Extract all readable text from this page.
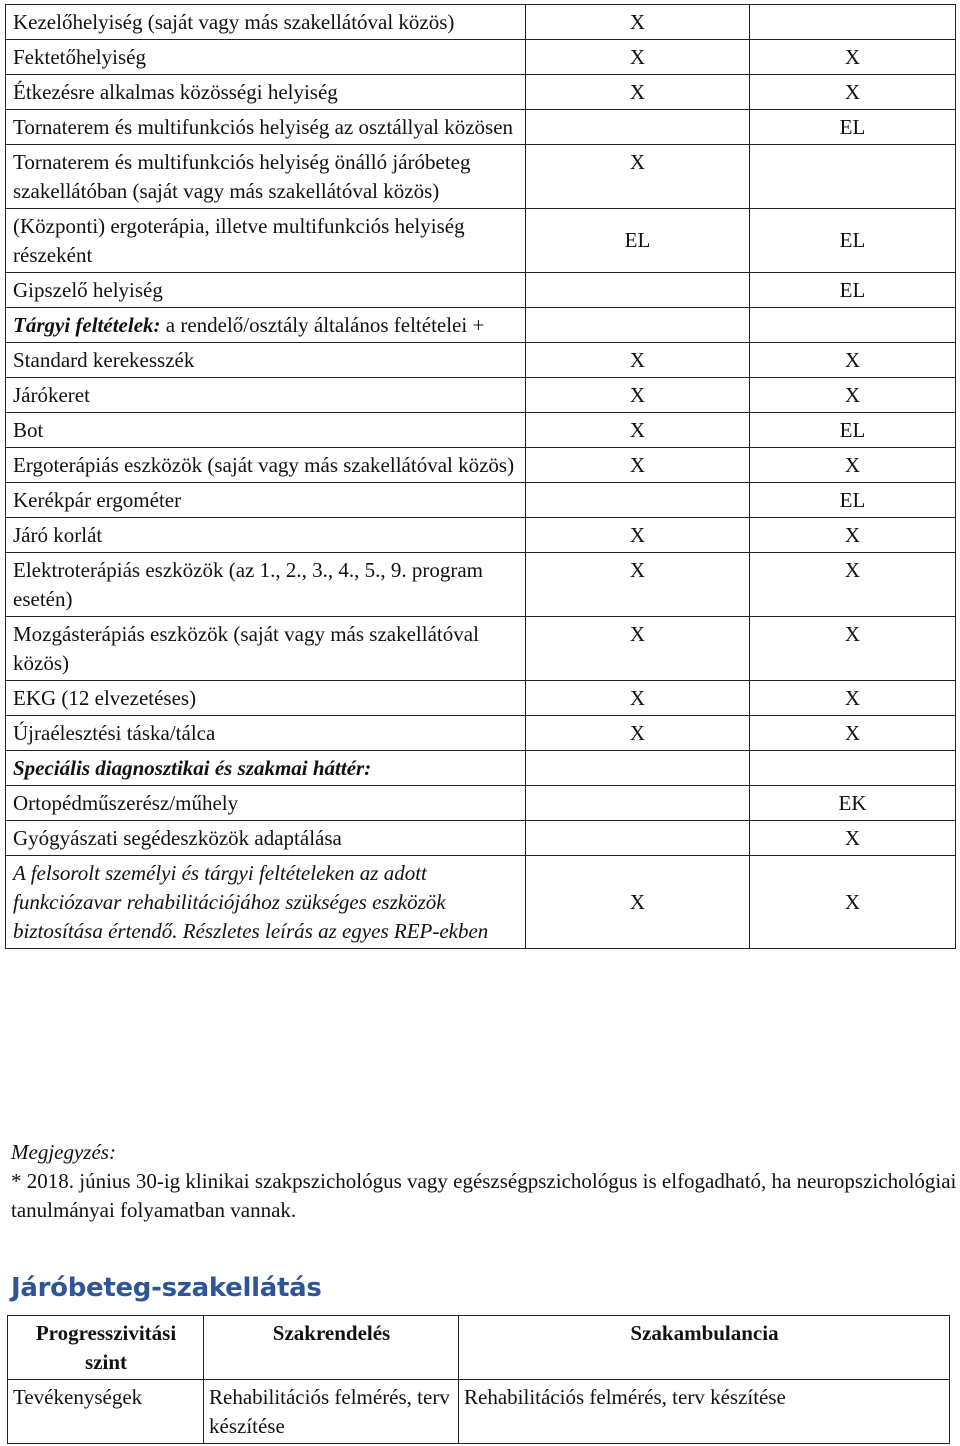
Kezelőhelyiség (saját vagy más szakellátóval közös)	X	
Fektetőhelyiség	X	X
Étkezésre alkalmas közösségi helyiség	X	X
Tornaterem és multifunkciós helyiség az osztállyal közösen		EL
Tornaterem és multifunkciós helyiség önálló járóbeteg szakellátóban (saját vagy más szakellátóval közös)	X	
(Központi) ergoterápia, illetve multifunkciós helyiség részeként	EL	EL
Gipszelő helyiség		EL
Tárgyi feltételek: a rendelő/osztály általános feltételei +		
Standard kerekesszék	X	X
Járókeret	X	X
Bot	X	EL
Ergoterápiás eszközök (saját vagy más szakellátóval közös)	X	X
Kerékpár ergométer		EL
Járó korlát	X	X
Elektroterápiás eszközök (az 1., 2., 3., 4., 5., 9. program esetén)	X	X
Mozgásterápiás eszközök (saját vagy más szakellátóval közös)	X	X
EKG (12 elvezetéses)	X	X
Újraélesztési táska/tálca	X	X
Speciális diagnosztikai és szakmai háttér:		
Ortopédműszerész/műhely		EK
Gyógyászati segédeszközök adaptálása		X
A felsorolt személyi és tárgyi feltételeken az adott funkciózavar rehabilitációjához szükséges eszközök biztosítása értendő. Részletes leírás az egyes REP-ekben	X	X
Megjegyzés:
* 2018. június 30-ig klinikai szakpszichológus vagy egészségpszichológus is elfogadható, ha neuropszichológiai tanulmányai folyamatban vannak.
Járóbeteg-szakellátás
Progresszivitási szint	Szakrendelés	Szakambulancia
Tevékenységek	Rehabilitációs felmérés, terv készítése	Rehabilitációs felmérés, terv készítése
